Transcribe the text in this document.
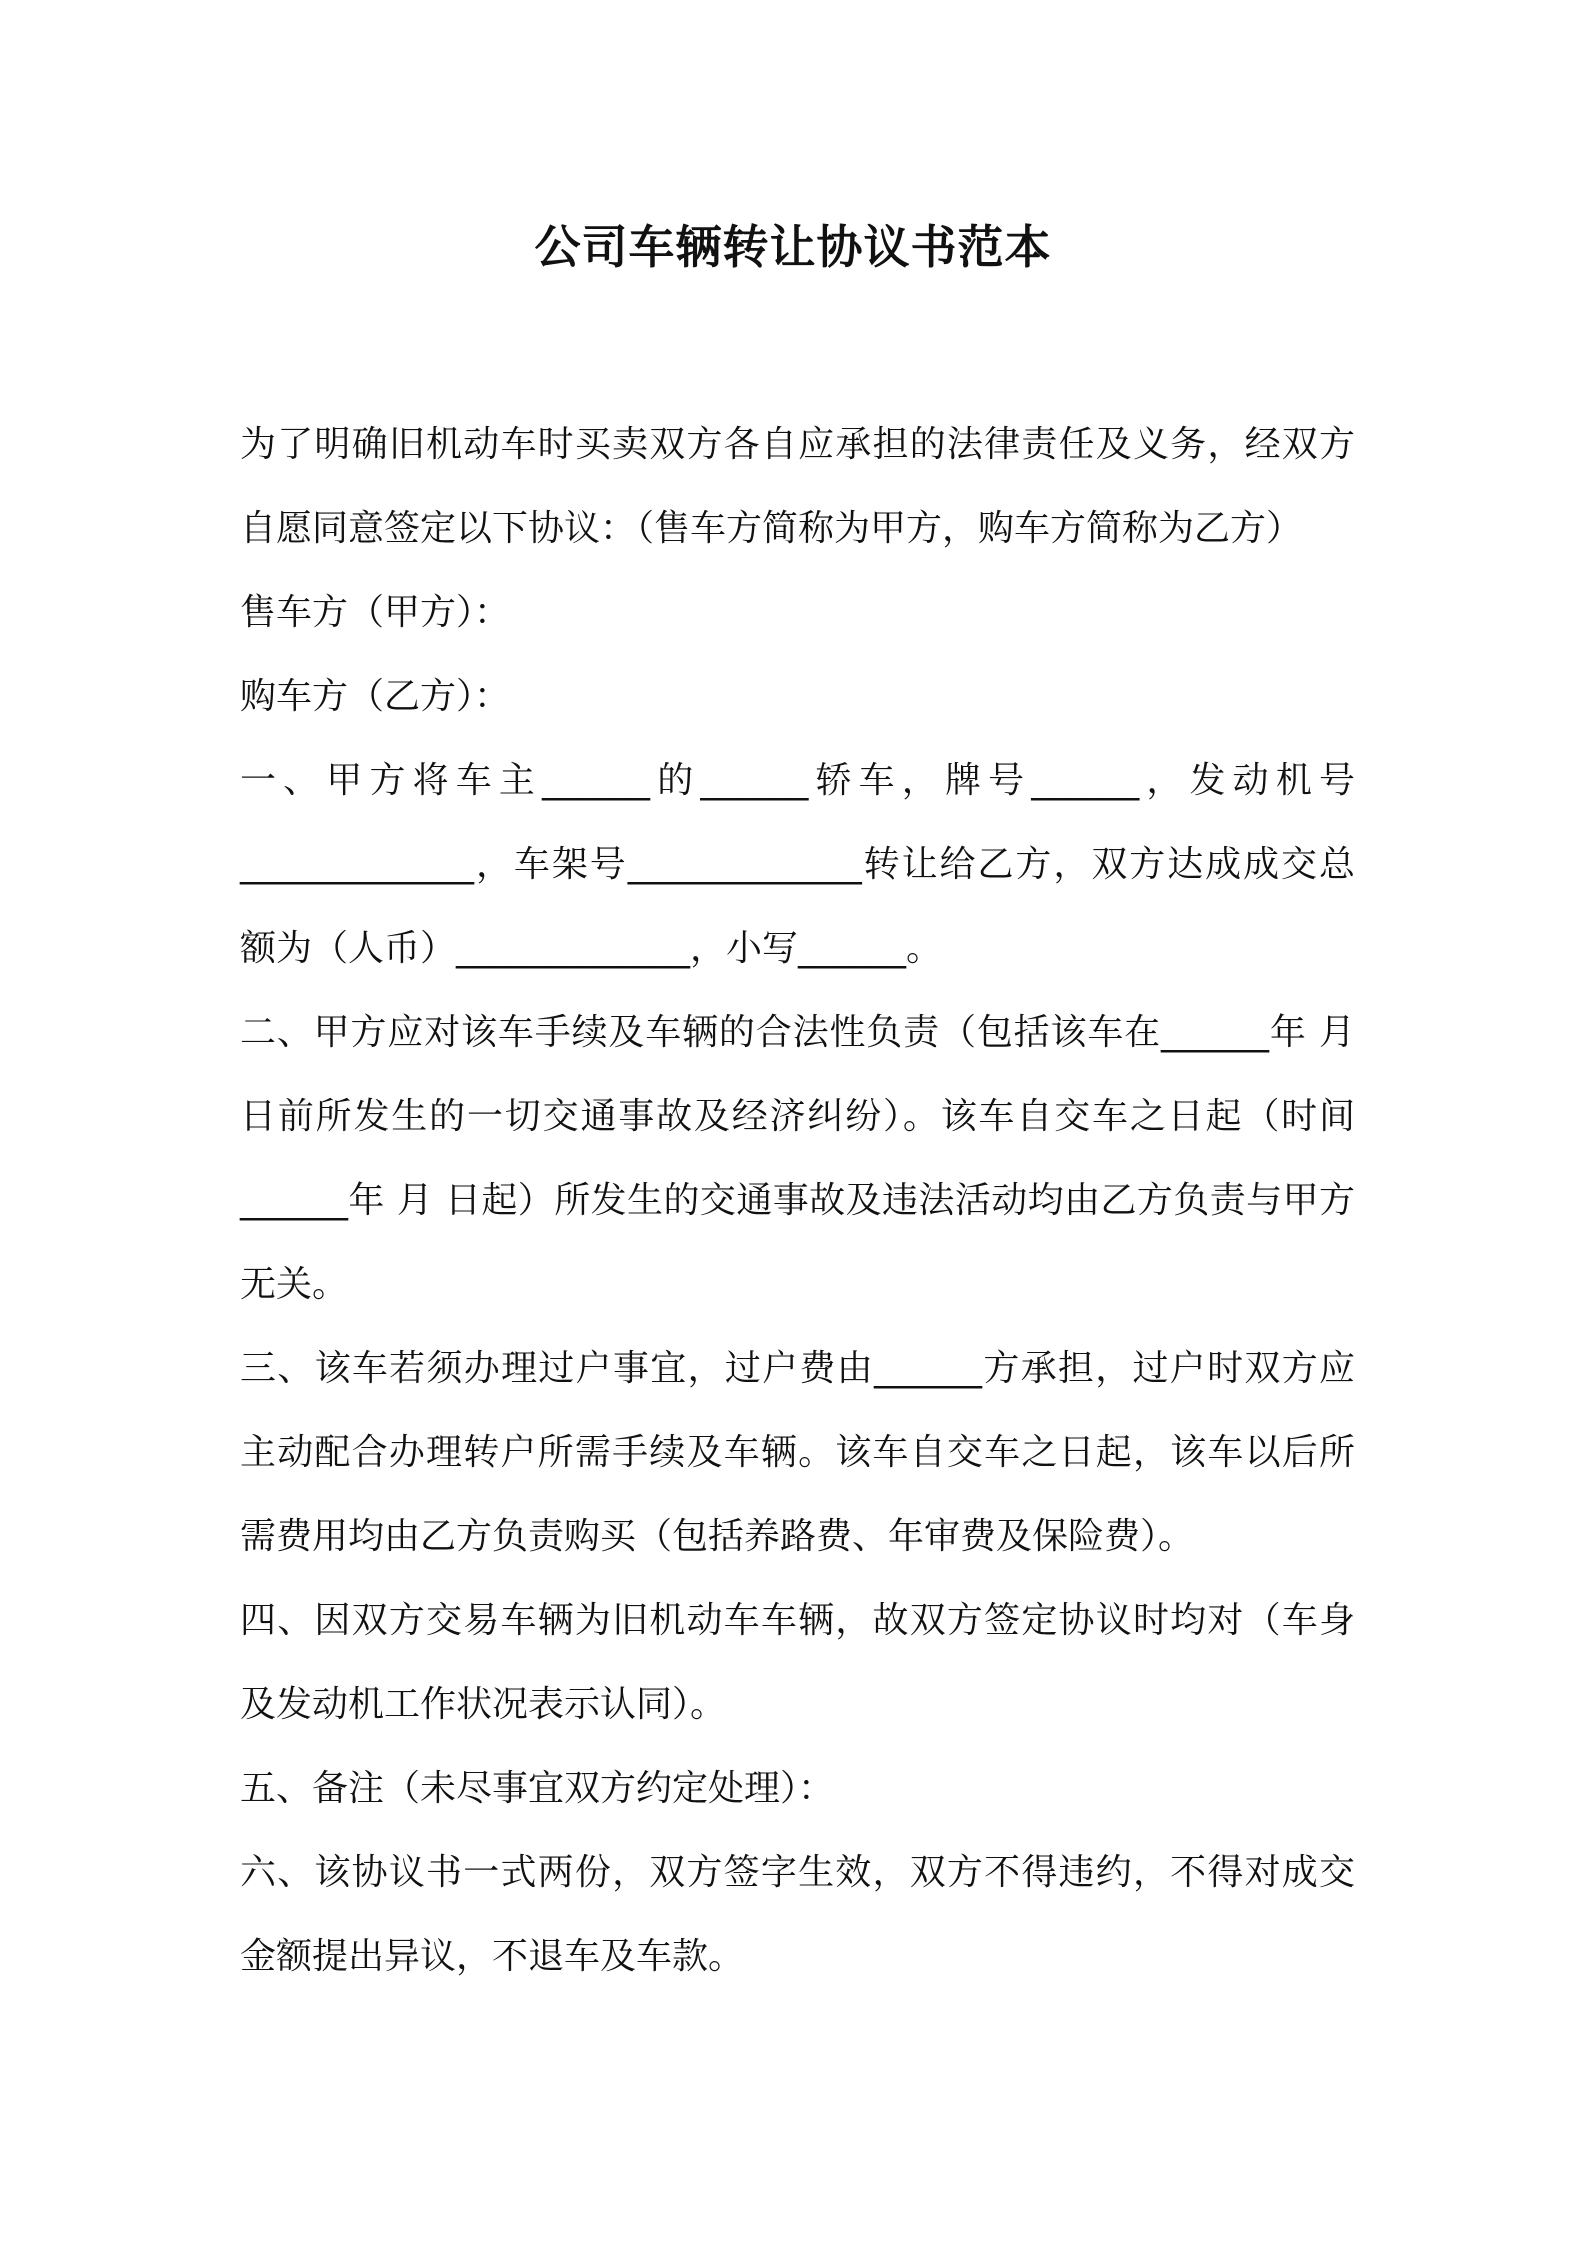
公司车辆转让协议书范本

为了明确旧机动车时买卖双方各自应承担的法律责任及义务，经双方自愿同意签定以下协议：（售车方简称为甲方，购车方简称为乙方）

售车方（甲方）：

购车方（乙方）：

一、甲方将车主______的______轿车，牌号______，发动机号_____________，车架号_____________转让给乙方，双方达成成交总额为（人币）_____________，小写______。

二、甲方应对该车手续及车辆的合法性负责（包括该车在______年 月 日前所发生的一切交通事故及经济纠纷）。该车自交车之日起（时间______年 月 日起）所发生的交通事故及违法活动均由乙方负责与甲方无关。

三、该车若须办理过户事宜，过户费由______方承担，过户时双方应主动配合办理转户所需手续及车辆。该车自交车之日起，该车以后所需费用均由乙方负责购买（包括养路费、年审费及保险费）。

四、因双方交易车辆为旧机动车车辆，故双方签定协议时均对（车身及发动机工作状况表示认同）。

五、备注（未尽事宜双方约定处理）：

六、该协议书一式两份，双方签字生效，双方不得违约，不得对成交金额提出异议，不退车及车款。
